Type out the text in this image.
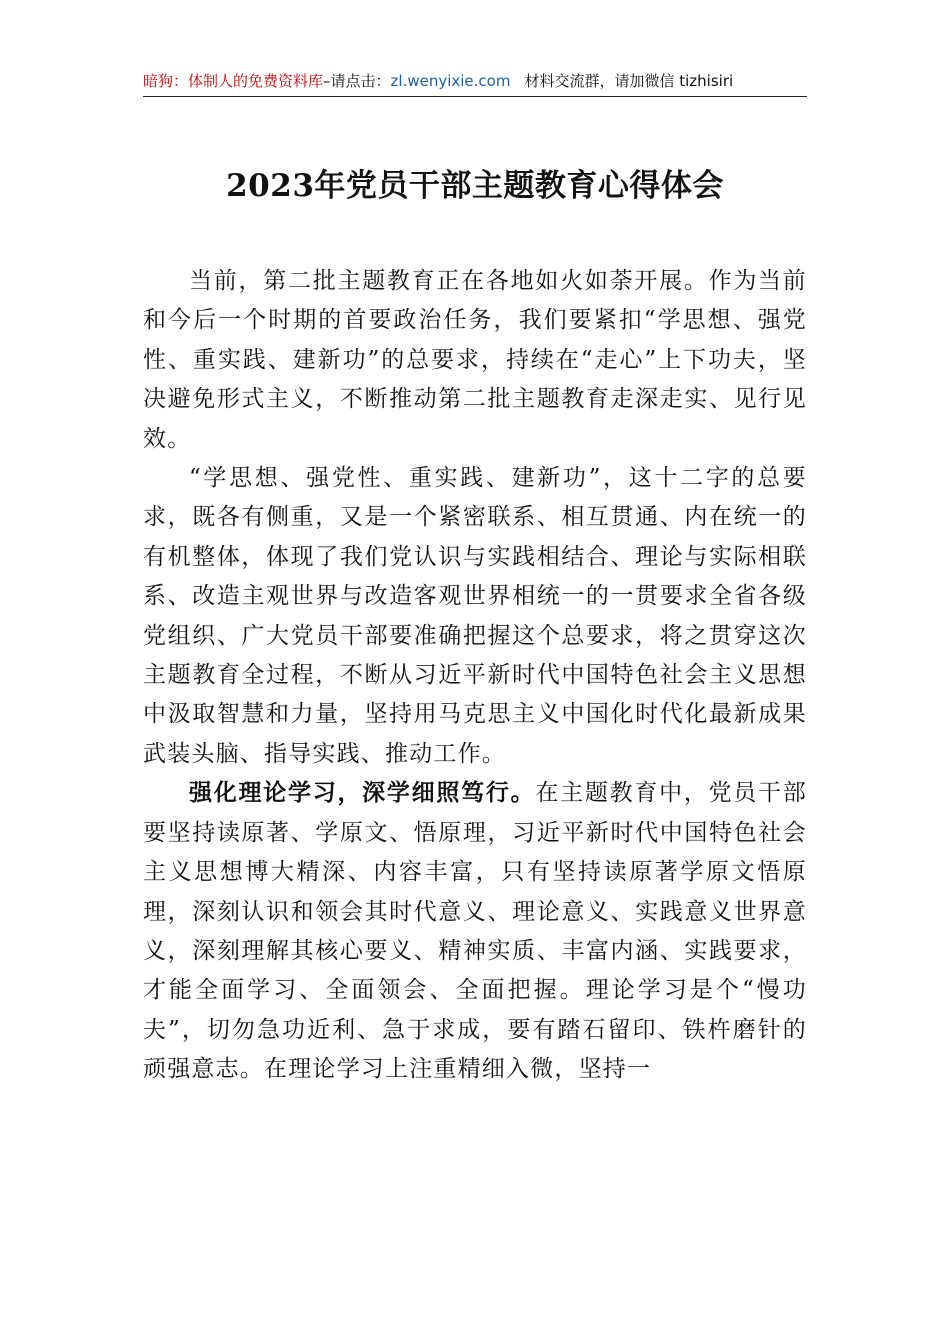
暗狗：体制人的免费资料库–请点击：zl.wenyixie.com 材料交流群，请加微信 tizhisiri
2023年党员干部主题教育心得体会

当前，第二批主题教育正在各地如火如荼开展。作为当前和今后一个时期的首要政治任务，我们要紧扣“学思想、强党性、重实践、建新功”的总要求，持续在“走心”上下功夫，坚决避免形式主义，不断推动第二批主题教育走深走实、见行见效。

“学思想、强党性、重实践、建新功”，这十二字的总要求，既各有侧重，又是一个紧密联系、相互贯通、内在统一的有机整体，体现了我们党认识与实践相结合、理论与实际相联系、改造主观世界与改造客观世界相统一的一贯要求全省各级党组织、广大党员干部要准确把握这个总要求，将之贯穿这次主题教育全过程，不断从习近平新时代中国特色社会主义思想中汲取智慧和力量，坚持用马克思主义中国化时代化最新成果武装头脑、指导实践、推动工作。

强化理论学习，深学细照笃行。在主题教育中，党员干部要坚持读原著、学原文、悟原理，习近平新时代中国特色社会主义思想博大精深、内容丰富，只有坚持读原著学原文悟原理，深刻认识和领会其时代意义、理论意义、实践意义世界意义，深刻理解其核心要义、精神实质、丰富内涵、实践要求，才能全面学习、全面领会、全面把握。理论学习是个“慢功夫”，切勿急功近利、急于求成，要有踏石留印、铁杵磨针的顽强意志。在理论学习上注重精细入微，坚持一
